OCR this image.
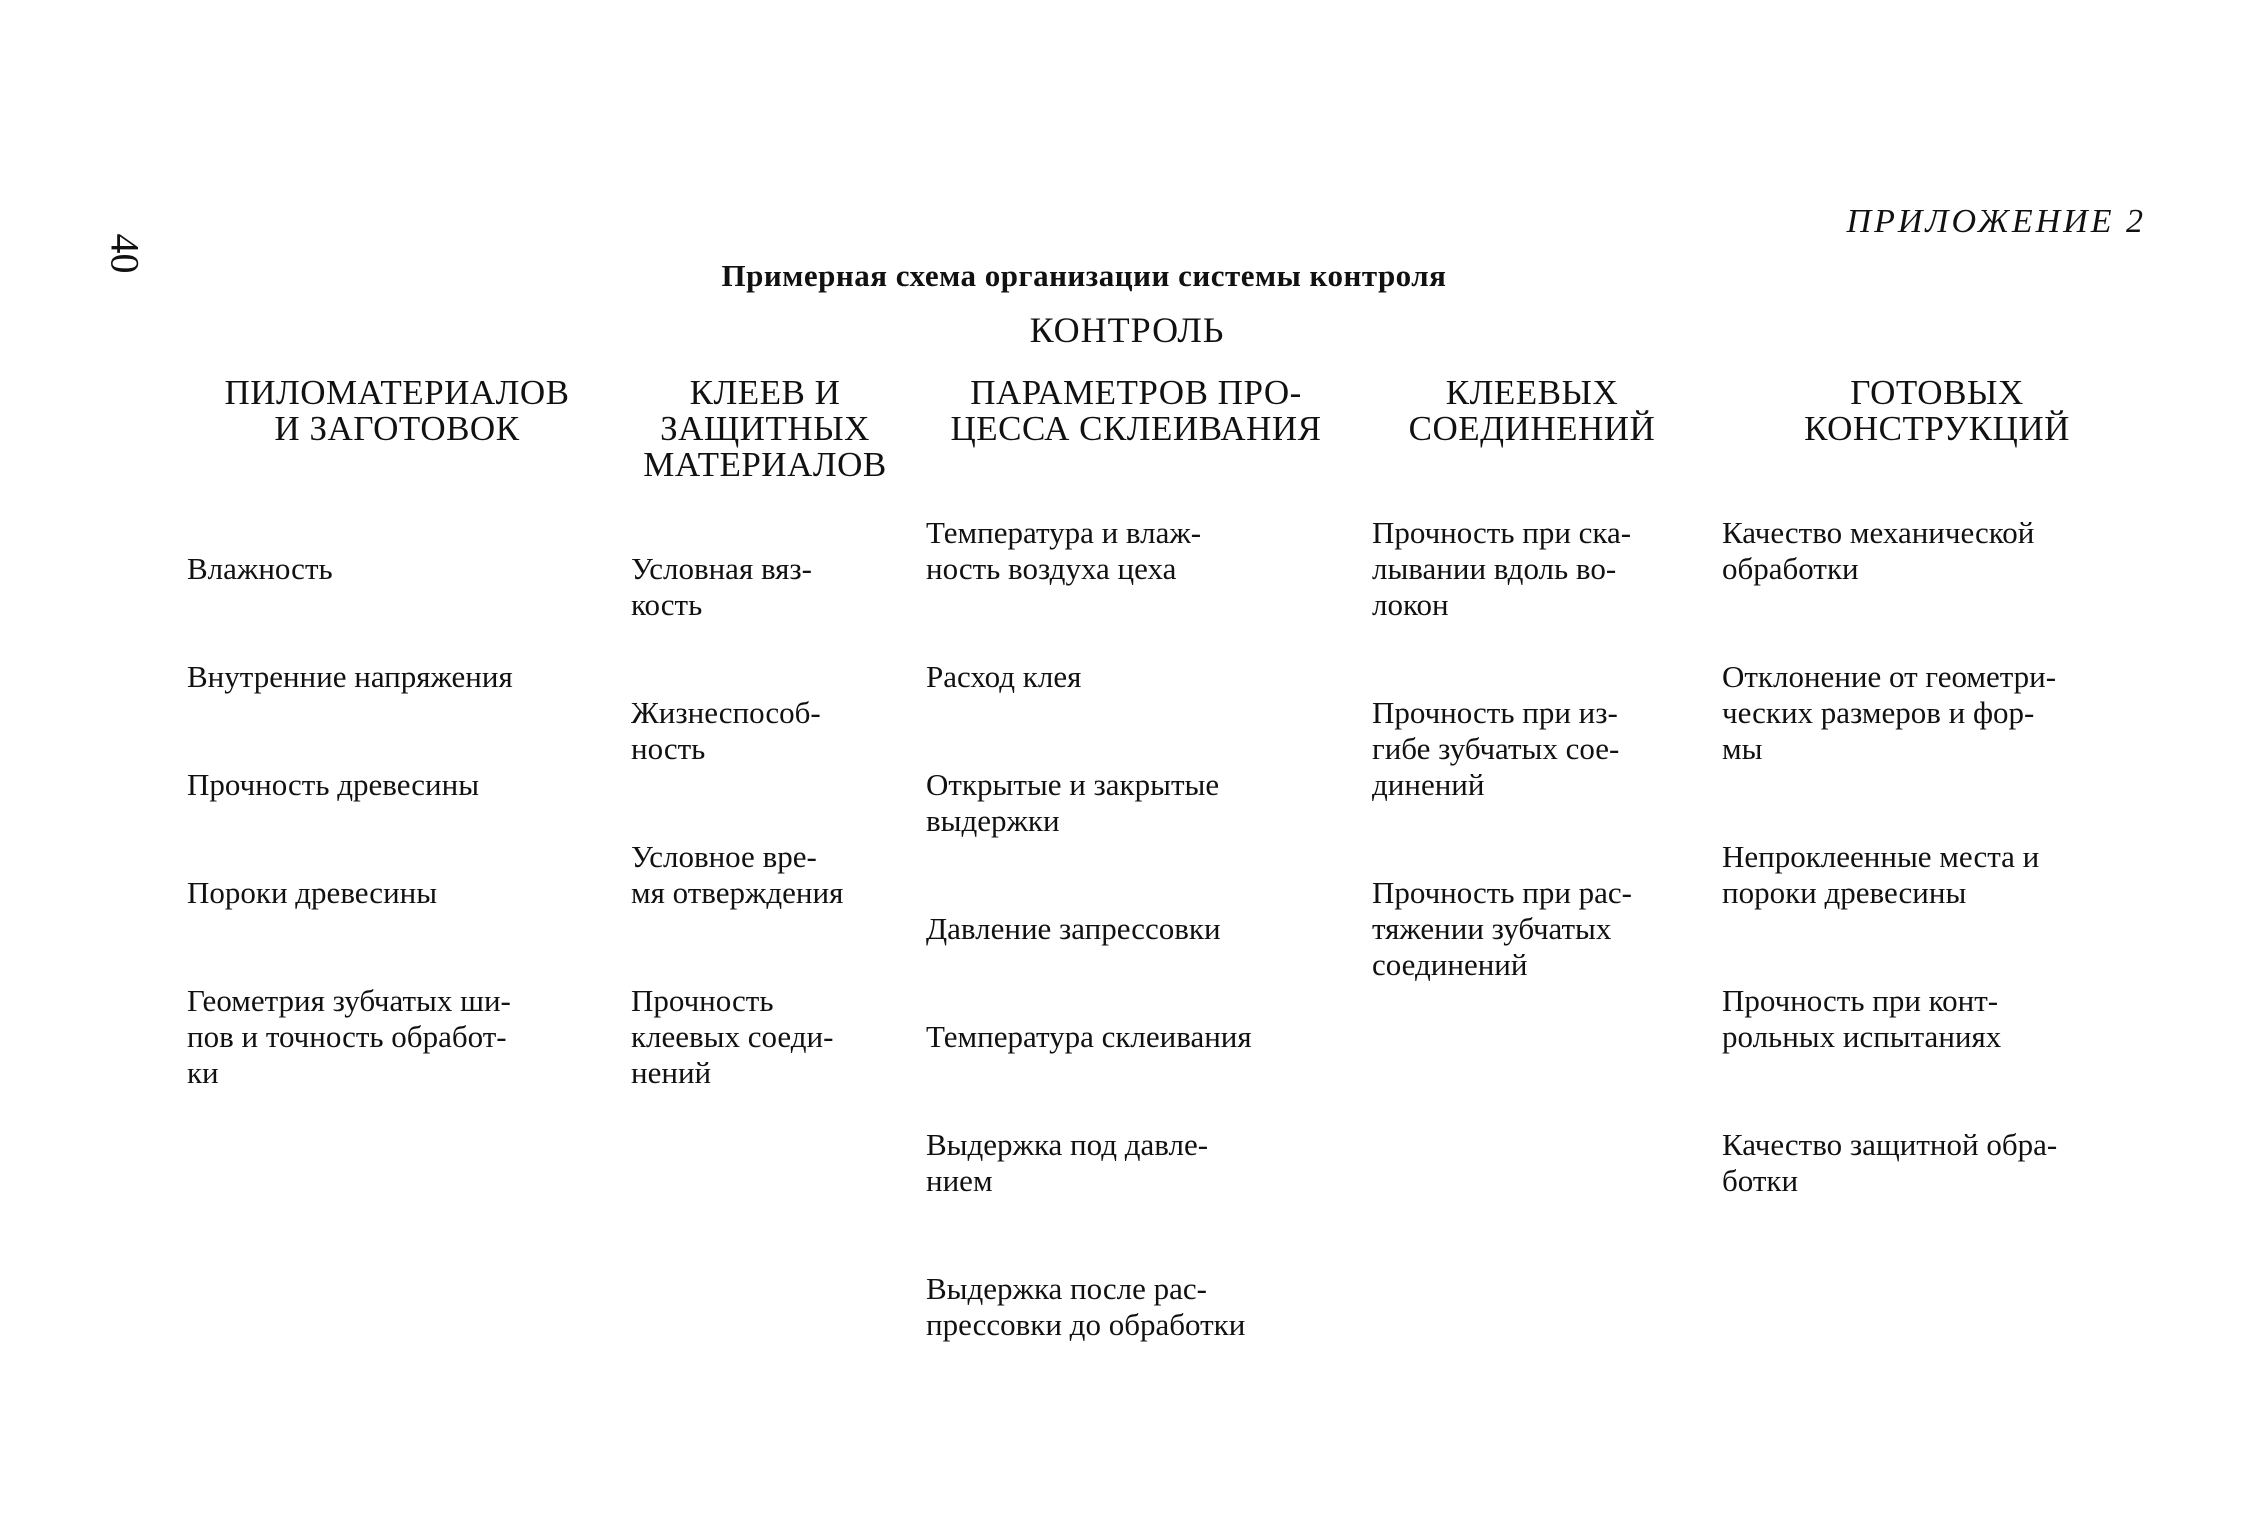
40
ПРИЛОЖЕНИЕ 2
Примерная схема организации системы контроля
КОНТРОЛЬ
ПИЛОМАТЕРИАЛОВ
И ЗАГОТОВОК
КЛЕЕВ И
ЗАЩИТНЫХ
МАТЕРИАЛОВ
ПАРАМЕТРОВ ПРО-
ЦЕССА СКЛЕИВАНИЯ
КЛЕЕВЫХ
СОЕДИНЕНИЙ
ГОТОВЫХ
КОНСТРУКЦИЙ
Влажность
Внутренние напряжения
Прочность древесины
Пороки древесины
Геометрия зубчатых ши-
пов и точность обработ-
ки
Условная вяз-
кость
Жизнеспособ-
ность
Условное вре-
мя отверждения
Прочность
клеевых соеди-
нений
Температура и влаж-
ность воздуха цеха
Расход клея
Открытые и закрытые
выдержки
Давление запрессовки
Температура склеивания
Выдержка под давле-
нием
Выдержка после рас-
прессовки до обработки
Прочность при ска-
лывании вдоль во-
локон
Прочность при из-
гибе зубчатых сое-
динений
Прочность при рас-
тяжении зубчатых
соединений
Качество механической
обработки
Отклонение от геометри-
ческих размеров и фор-
мы
Непроклеенные места и
пороки древесины
Прочность при конт-
рольных испытаниях
Качество защитной обра-
ботки
